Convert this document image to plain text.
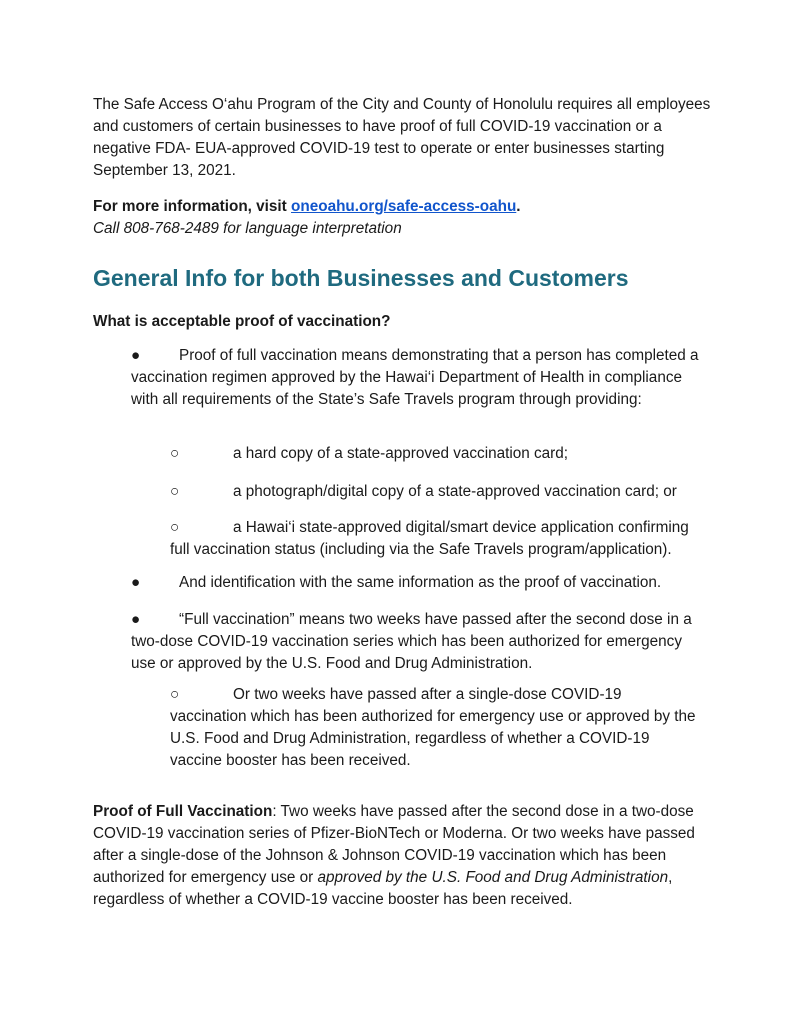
The Safe Access O‘ahu Program of the City and County of Honolulu requires all employees and customers of certain businesses to have proof of full COVID-19 vaccination or a negative FDA- EUA-approved COVID-19 test to operate or enter businesses starting September 13, 2021.

For more information, visit oneoahu.org/safe-access-oahu.
Call 808-768-2489 for language interpretation

General Info for both Businesses and Customers

What is acceptable proof of vaccination?

●	Proof of full vaccination means demonstrating that a person has completed a vaccination regimen approved by the Hawai‘i Department of Health in compliance with all requirements of the State’s Safe Travels program through providing:

○	a hard copy of a state-approved vaccination card;

○	a photograph/digital copy of a state-approved vaccination card; or

○	a Hawai‘i state-approved digital/smart device application confirming full vaccination status (including via the Safe Travels program/application).

●	And identification with the same information as the proof of vaccination.

●	“Full vaccination” means two weeks have passed after the second dose in a two-dose COVID-19 vaccination series which has been authorized for emergency use or approved by the U.S. Food and Drug Administration.

○	Or two weeks have passed after a single-dose COVID-19 vaccination which has been authorized for emergency use or approved by the U.S. Food and Drug Administration, regardless of whether a COVID-19 vaccine booster has been received.

Proof of Full Vaccination: Two weeks have passed after the second dose in a two-dose COVID-19 vaccination series of Pfizer-BioNTech or Moderna. Or two weeks have passed after a single-dose of the Johnson & Johnson COVID-19 vaccination which has been authorized for emergency use or approved by the U.S. Food and Drug Administration, regardless of whether a COVID-19 vaccine booster has been received.
